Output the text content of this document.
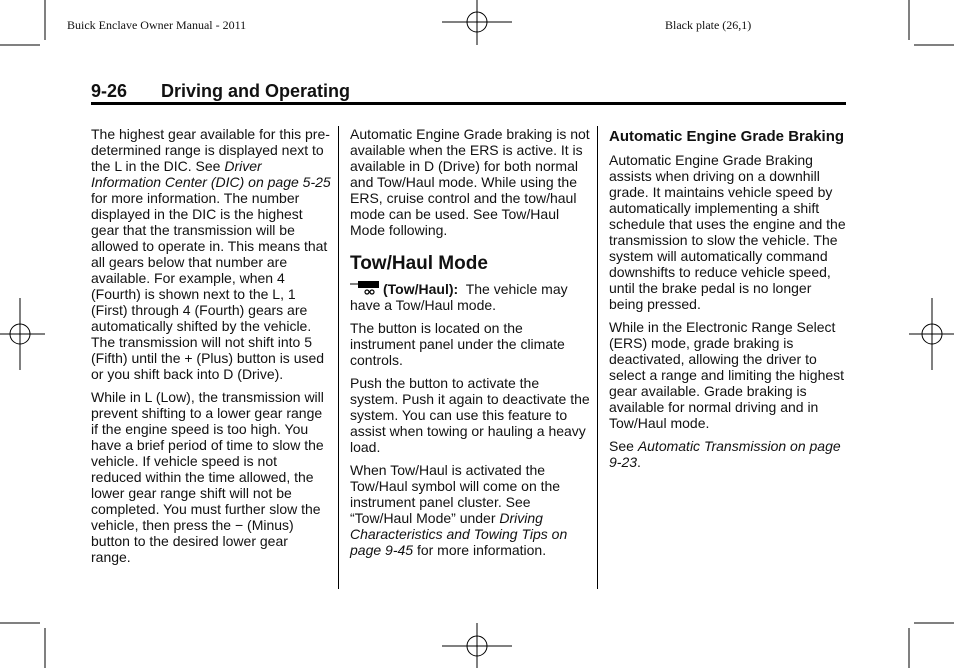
Buick Enclave Owner Manual - 2011	Black plate (26,1)
9-26 Driving and Operating

The highest gear available for this pre-determined range is displayed next to the L in the DIC. See Driver Information Center (DIC) on page 5-25 for more information. The number displayed in the DIC is the highest gear that the transmission will be allowed to operate in. This means that all gears below that number are available. For example, when 4 (Fourth) is shown next to the L, 1 (First) through 4 (Fourth) gears are automatically shifted by the vehicle. The transmission will not shift into 5 (Fifth) until the + (Plus) button is used or you shift back into D (Drive).

While in L (Low), the transmission will prevent shifting to a lower gear range if the engine speed is too high. You have a brief period of time to slow the vehicle. If vehicle speed is not reduced within the time allowed, the lower gear range shift will not be completed. You must further slow the vehicle, then press the − (Minus) button to the desired lower gear range.

Automatic Engine Grade braking is not available when the ERS is active. It is available in D (Drive) for both normal and Tow/Haul mode. While using the ERS, cruise control and the tow/haul mode can be used. See Tow/Haul Mode following.

Tow/Haul Mode

(Tow/Haul):  The vehicle may have a Tow/Haul mode.

The button is located on the instrument panel under the climate controls.

Push the button to activate the system. Push it again to deactivate the system. You can use this feature to assist when towing or hauling a heavy load.

When Tow/Haul is activated the Tow/Haul symbol will come on the instrument panel cluster. See “Tow/Haul Mode” under Driving Characteristics and Towing Tips on page 9-45 for more information.

Automatic Engine Grade Braking

Automatic Engine Grade Braking assists when driving on a downhill grade. It maintains vehicle speed by automatically implementing a shift schedule that uses the engine and the transmission to slow the vehicle. The system will automatically command downshifts to reduce vehicle speed, until the brake pedal is no longer being pressed.

While in the Electronic Range Select (ERS) mode, grade braking is deactivated, allowing the driver to select a range and limiting the highest gear available. Grade braking is available for normal driving and in Tow/Haul mode.

See Automatic Transmission on page 9-23.
